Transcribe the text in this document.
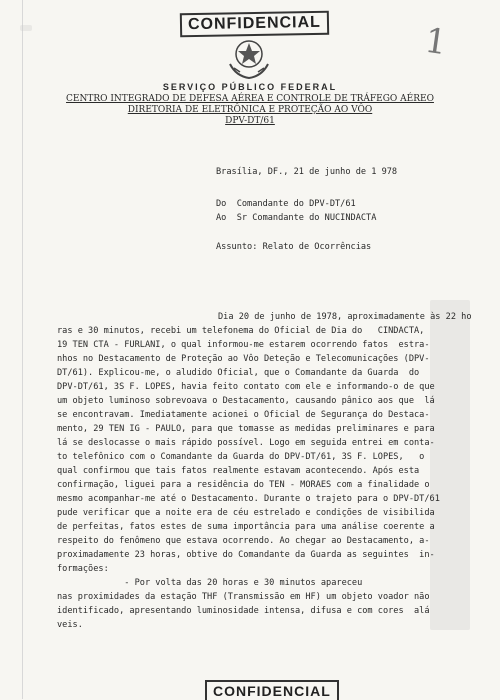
CONFIDENCIAL	1
SERVIÇO PÚBLICO FEDERAL
CENTRO INTEGRADO DE DEFESA AÉREA E CONTROLE DE TRÁFEGO AÉREO
DIRETORIA DE ELETRÔNICA E PROTEÇÃO AO VÔO
DPV-DT/61
Brasília, DF., 21 de junho de 1 978
Do  Comandante do DPV-DT/61
Ao  Sr Comandante do NUCINDACTA
Assunto: Relato de Ocorrências
Dia 20 de junho de 1978, aproximadamente às 22 ho
ras e 30 minutos, recebi um telefonema do Oficial de Dia do   CINDACTA,
19 TEN CTA - FURLANI, o qual informou-me estarem ocorrendo fatos  estra-
nhos no Destacamento de Proteção ao Vôo Deteção e Telecomunicações (DPV-
DT/61). Explicou-me, o aludido Oficial, que o Comandante da Guarda  do
DPV-DT/61, 3S F. LOPES, havia feito contato com ele e informando-o de que
um objeto luminoso sobrevoava o Destacamento, causando pânico aos que  lá
se encontravam. Imediatamente acionei o Oficial de Segurança do Destaca-
mento, 29 TEN IG - PAULO, para que tomasse as medidas preliminares e para
lá se deslocasse o mais rápido possível. Logo em seguida entrei em conta-
to telefônico com o Comandante da Guarda do DPV-DT/61, 3S F. LOPES,   o
qual confirmou que tais fatos realmente estavam acontecendo. Após esta
confirmação, liguei para a residência do TEN - MORAES com a finalidade o
mesmo acompanhar-me até o Destacamento. Durante o trajeto para o DPV-DT/61
pude verificar que a noite era de céu estrelado e condições de visibilida
de perfeitas, fatos estes de suma importância para uma análise coerente a
respeito do fenômeno que estava ocorrendo. Ao chegar ao Destacamento, a-
proximadamente 23 horas, obtive do Comandante da Guarda as seguintes  in-
formações:
- Por volta das 20 horas e 30 minutos apareceu
nas proximidades da estação THF (Transmissão em HF) um objeto voador não
identificado, apresentando luminosidade intensa, difusa e com cores  alá
veis.
CONFIDENCIAL
